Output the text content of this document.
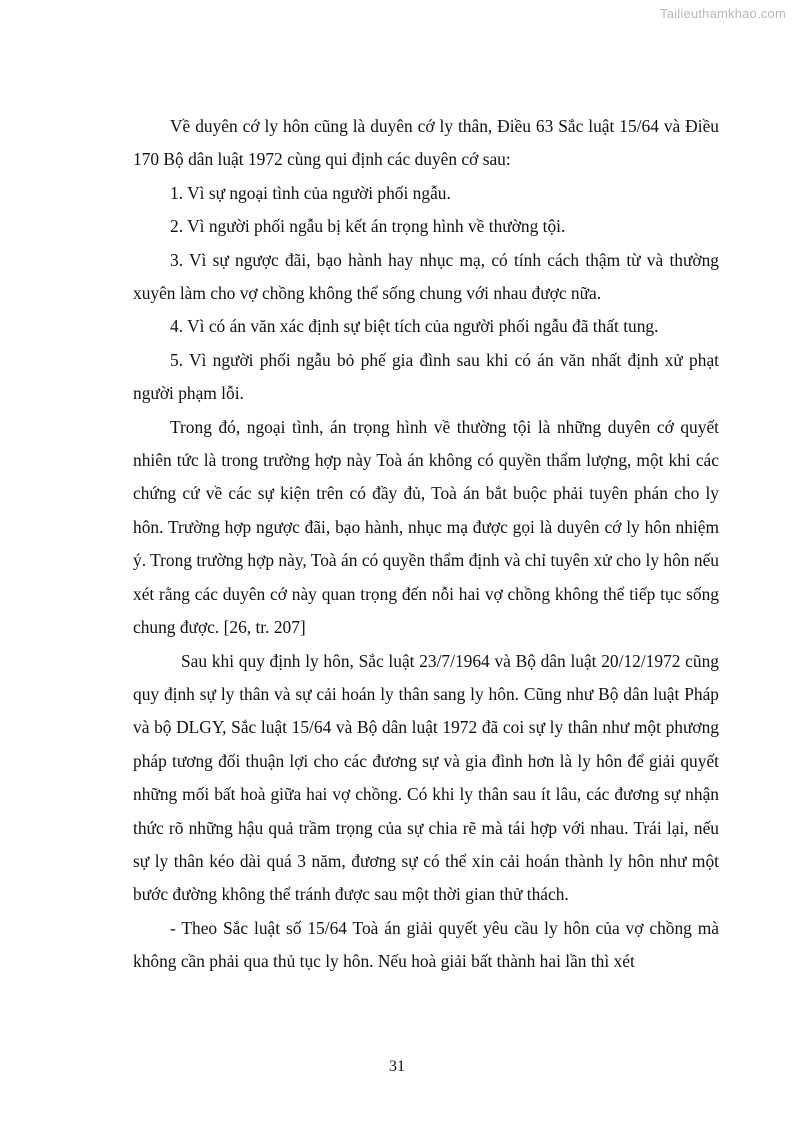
Tailieuthamkhao.com

Về duyên cớ ly hôn cũng là duyên cớ ly thân, Điều 63 Sắc luật 15/64 và Điều 170 Bộ dân luật 1972 cùng qui định các duyên cớ sau:

1. Vì sự ngoại tình của người phối ngẫu.

2. Vì người phối ngẫu bị kết án trọng hình về thường tội.

3. Vì sự ngược đãi, bạo hành hay nhục mạ, có tính cách thậm từ và thường xuyên làm cho vợ chồng không thể sống chung với nhau được nữa.

4. Vì có án văn xác định sự biệt tích của người phối ngẫu đã thất tung.

5. Vì người phối ngẫu bỏ phế gia đình sau khi có án văn nhất định xử phạt người phạm lỗi.

Trong đó, ngoại tình, án trọng hình về thường tội là những duyên cớ quyết nhiên tức là trong trường hợp này Toà án không có quyền thẩm lượng, một khi các chứng cứ về các sự kiện trên có đầy đủ, Toà án bắt buộc phải tuyên phán cho ly hôn. Trường hợp ngược đãi, bạo hành, nhục mạ được gọi là duyên cớ ly hôn nhiệm ý. Trong trường hợp này, Toà án có quyền thẩm định và chỉ tuyên xử cho ly hôn nếu xét rằng các duyên cớ này quan trọng đến nỗi hai vợ chồng không thể tiếp tục sống chung được. [26, tr. 207]

Sau khi quy định ly hôn, Sắc luật 23/7/1964 và Bộ dân luật 20/12/1972 cũng quy định sự ly thân và sự cải hoán ly thân sang ly hôn. Cũng như Bộ dân luật Pháp và bộ DLGY, Sắc luật 15/64 và Bộ dân luật 1972 đã coi sự ly thân như một phương pháp tương đối thuận lợi cho các đương sự và gia đình hơn là ly hôn để giải quyết những mối bất hoà giữa hai vợ chồng. Có khi ly thân sau ít lâu, các đương sự nhận thức rõ những hậu quả trầm trọng của sự chia rẽ mà tái hợp với nhau. Trái lại, nếu sự ly thân kéo dài quá 3 năm, đương sự có thể xin cải hoán thành ly hôn như một bước đường không thể tránh được sau một thời gian thử thách.

- Theo Sắc luật số 15/64 Toà án giải quyết yêu cầu ly hôn của vợ chồng mà không cần phải qua thủ tục ly hôn. Nếu hoà giải bất thành hai lần thì xét

31
